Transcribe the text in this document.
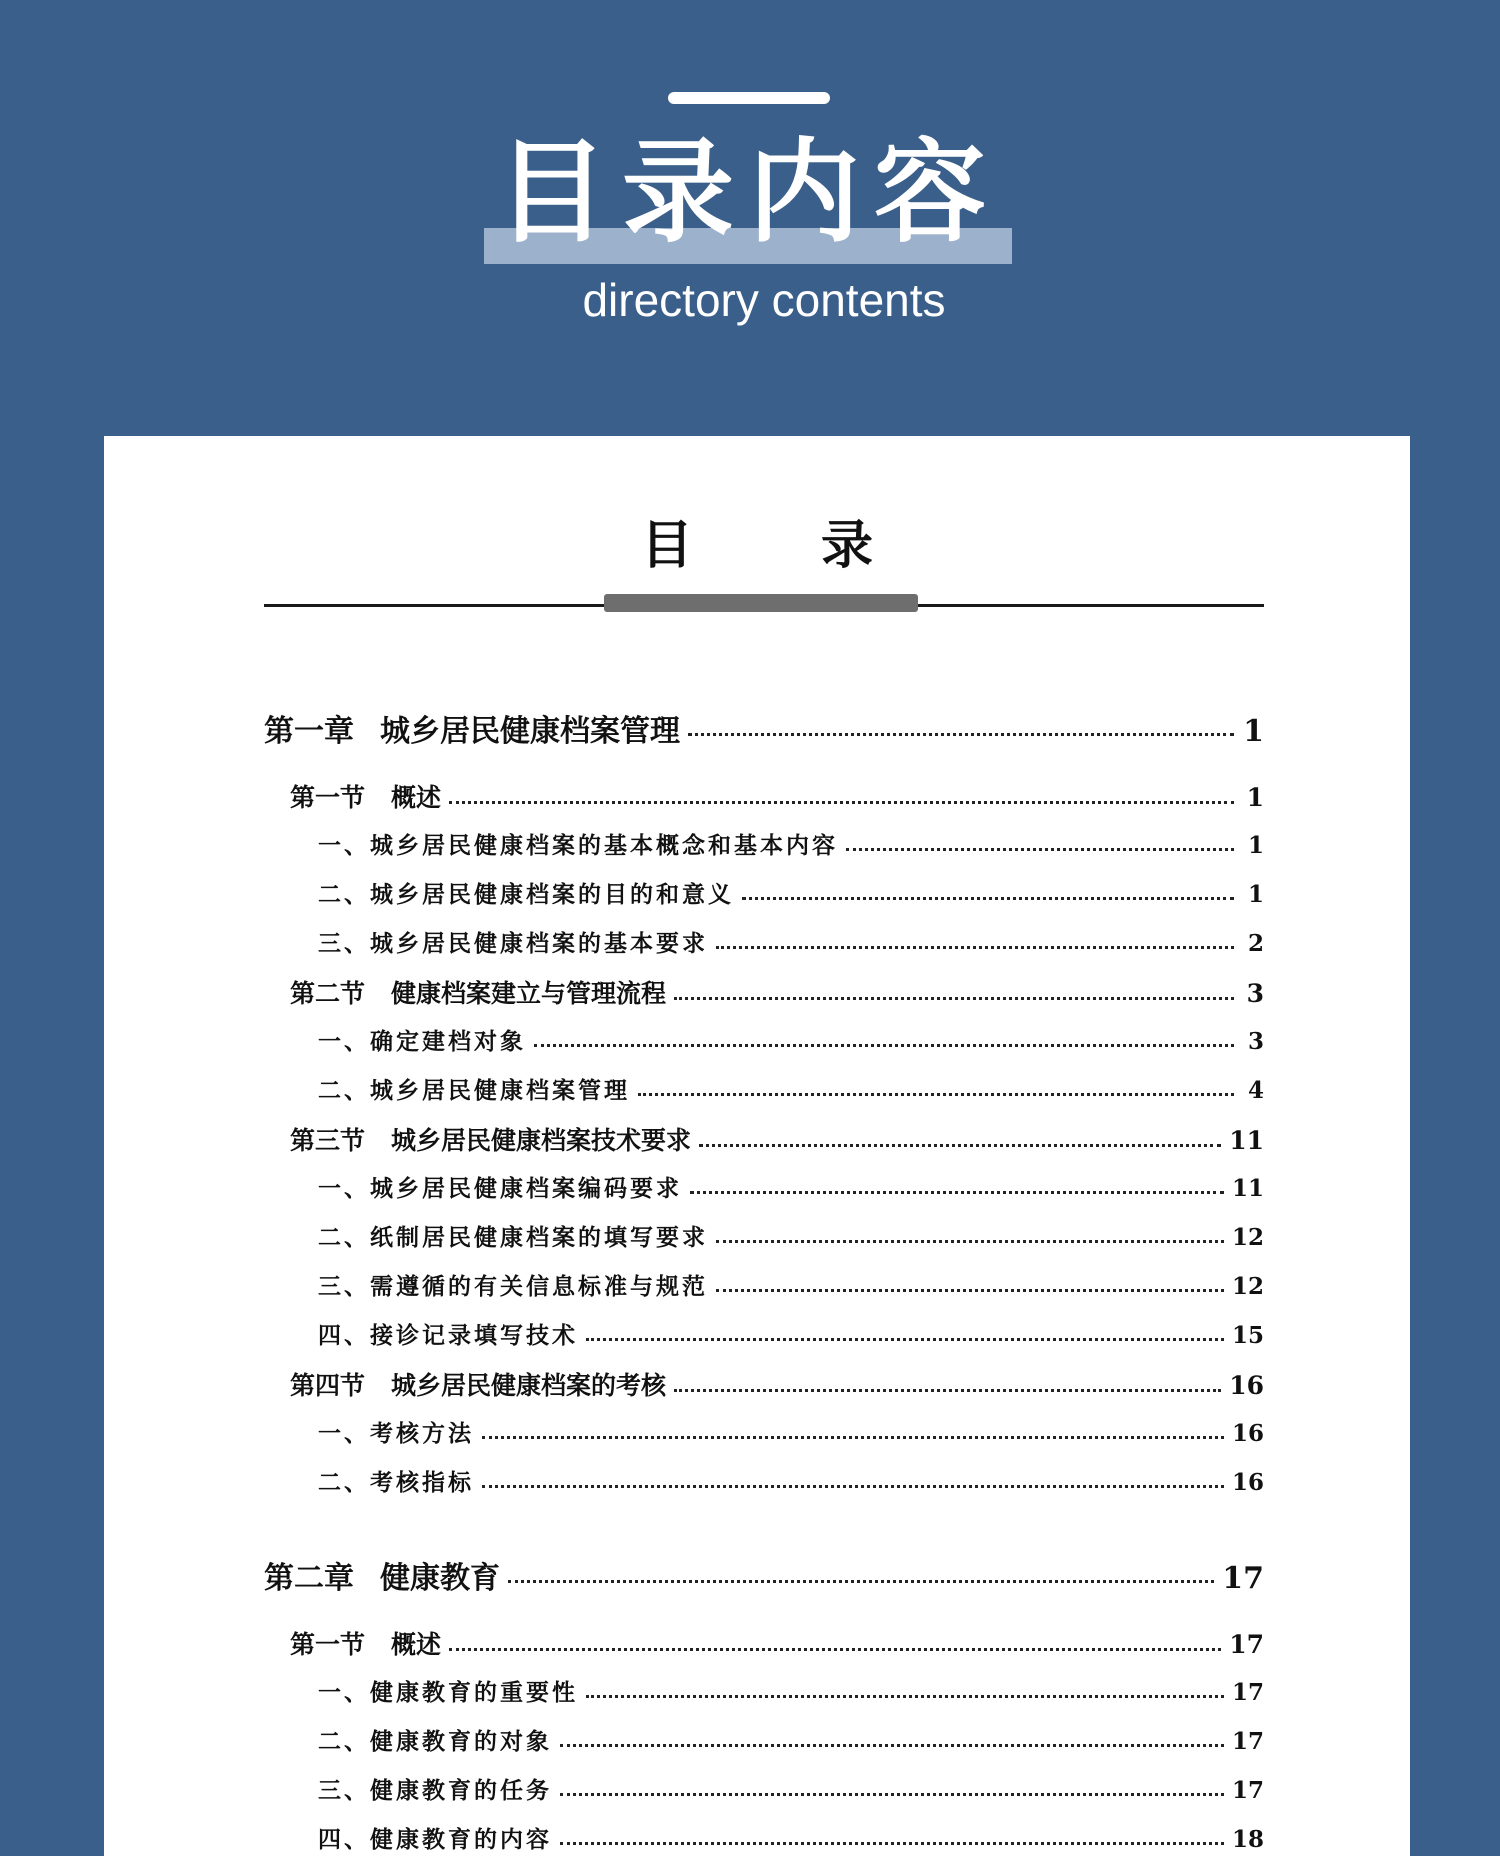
目录内容
directory contents
目 录
第一章 城乡居民健康档案管理	1
第一节 概述	1
一、城乡居民健康档案的基本概念和基本内容	1
二、城乡居民健康档案的目的和意义	1
三、城乡居民健康档案的基本要求	2
第二节 健康档案建立与管理流程	3
一、确定建档对象	3
二、城乡居民健康档案管理	4
第三节 城乡居民健康档案技术要求	11
一、城乡居民健康档案编码要求	11
二、纸制居民健康档案的填写要求	12
三、需遵循的有关信息标准与规范	12
四、接诊记录填写技术	15
第四节 城乡居民健康档案的考核	16
一、考核方法	16
二、考核指标	16
第二章 健康教育	17
第一节 概述	17
一、健康教育的重要性	17
二、健康教育的对象	17
三、健康教育的任务	17
四、健康教育的内容	18
